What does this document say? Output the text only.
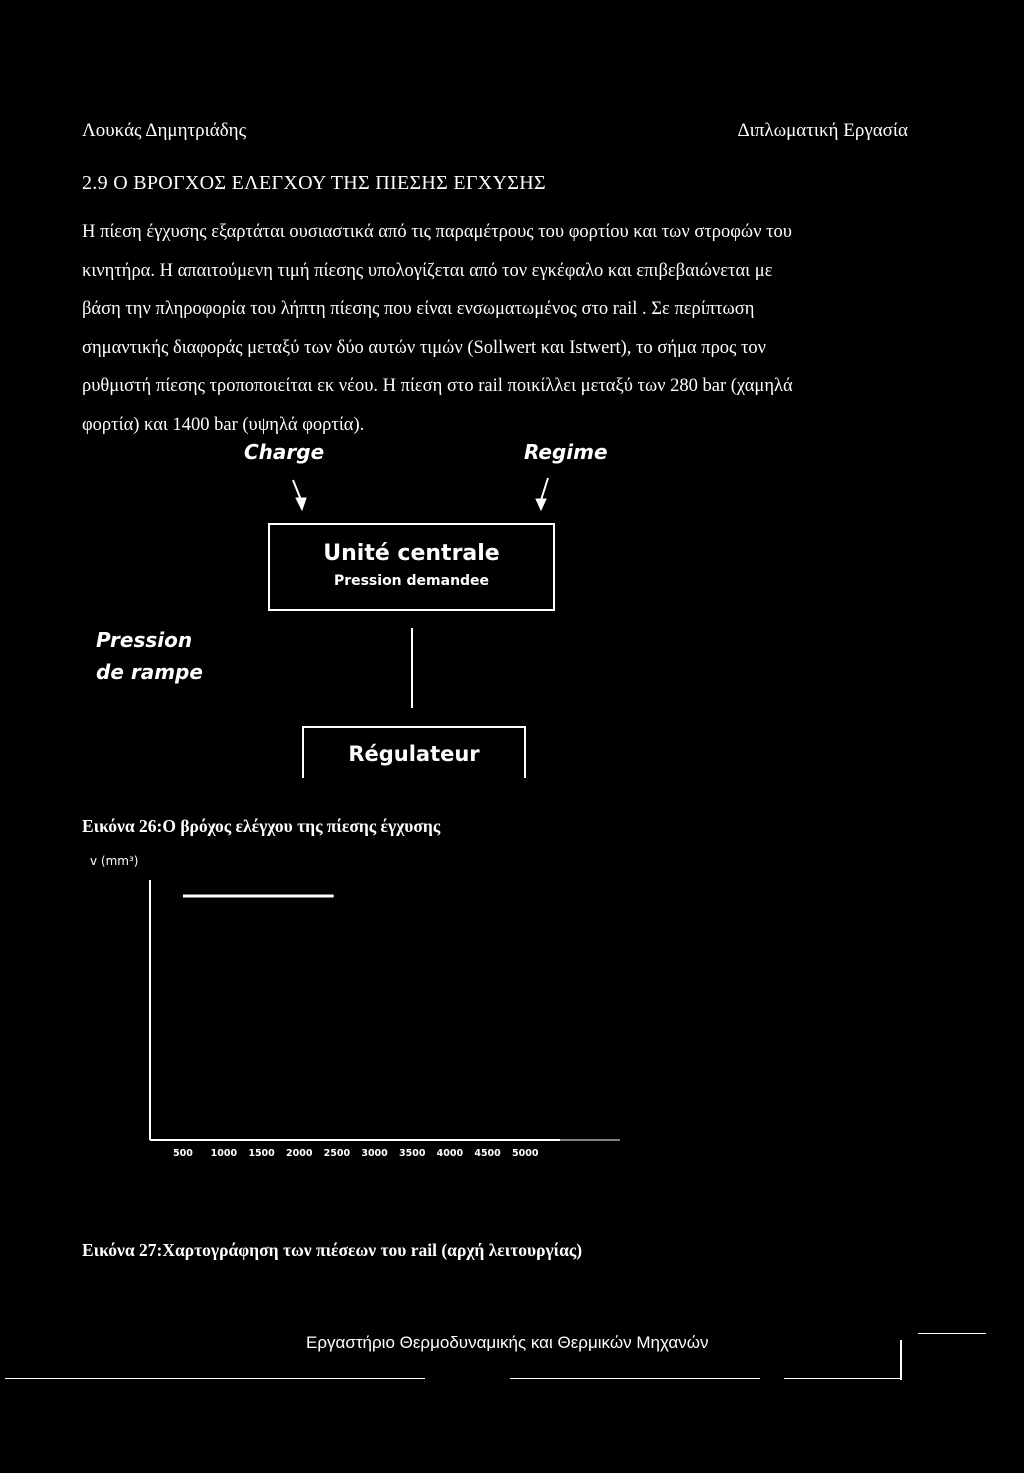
Λουκάς Δημητριάδης	Διπλωματική Εργασία
2.9 Ο ΒΡΟΓΧΟΣ ΕΛΕΓΧΟΥ ΤΗΣ ΠΙΕΣΗΣ ΕΓΧΥΣΗΣ
Η πίεση έγχυσης εξαρτάται ουσιαστικά από τις παραμέτρους του φορτίου και των στροφών του
κινητήρα. Η απαιτούμενη τιμή πίεσης υπολογίζεται από τον εγκέφαλο και επιβεβαιώνεται με
βάση την πληροφορία του λήπτη πίεσης που είναι ενσωματωμένος στο rail . Σε περίπτωση
σημαντικής διαφοράς μεταξύ των δύο αυτών τιμών (Sollwert και Istwert), το σήμα προς τον
ρυθμιστή πίεσης τροποποιείται εκ νέου. Η πίεση στο rail ποικίλλει μεταξύ των 280 bar (χαμηλά
φορτία) και 1400 bar (υψηλά φορτία).
Charge	Regime
Unité centrale
Pression demandee
Pression
de rampe
Régulateur
Εικόνα 26:Ο βρόχος ελέγχου της πίεσης έγχυσης
v (mm³)
500 1000 1500 2000 2500 3000 3500 4000 4500 5000
Εικόνα 27:Χαρτογράφηση των πιέσεων του rail (αρχή λειτουργίας)
Εργαστήριο Θερμοδυναμικής και Θερμικών Μηχανών
